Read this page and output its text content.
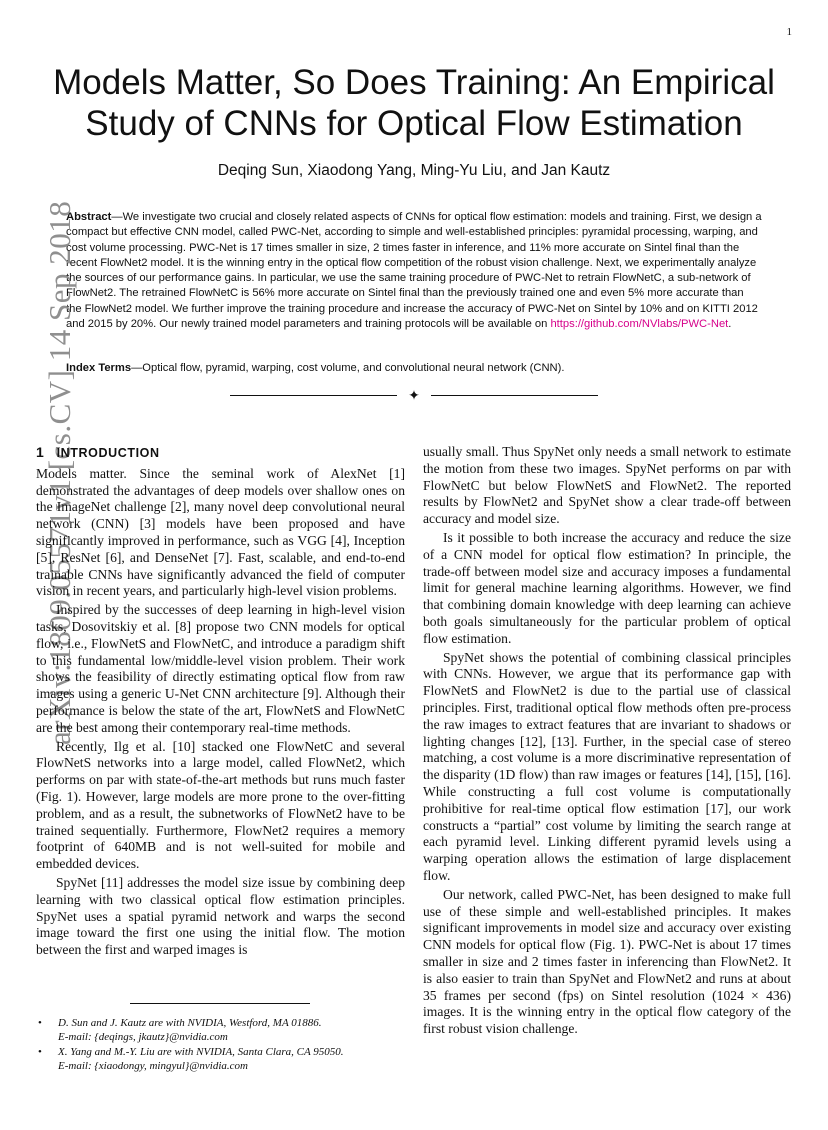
1
Models Matter, So Does Training: An Empirical Study of CNNs for Optical Flow Estimation
Deqing Sun, Xiaodong Yang, Ming-Yu Liu, and Jan Kautz
Abstract—We investigate two crucial and closely related aspects of CNNs for optical flow estimation: models and training. First, we design a compact but effective CNN model, called PWC-Net, according to simple and well-established principles: pyramidal processing, warping, and cost volume processing. PWC-Net is 17 times smaller in size, 2 times faster in inference, and 11% more accurate on Sintel final than the recent FlowNet2 model. It is the winning entry in the optical flow competition of the robust vision challenge. Next, we experimentally analyze the sources of our performance gains. In particular, we use the same training procedure of PWC-Net to retrain FlowNetC, a sub-network of FlowNet2. The retrained FlowNetC is 56% more accurate on Sintel final than the previously trained one and even 5% more accurate than the FlowNet2 model. We further improve the training procedure and increase the accuracy of PWC-Net on Sintel by 10% and on KITTI 2012 and 2015 by 20%. Our newly trained model parameters and training protocols will be available on https://github.com/NVlabs/PWC-Net.
Index Terms—Optical flow, pyramid, warping, cost volume, and convolutional neural network (CNN).
✦
arXiv:1809.05571v1 [cs.CV] 14 Sep 2018
1 INTRODUCTION

Models matter. Since the seminal work of AlexNet [1] demonstrated the advantages of deep models over shallow ones on the ImageNet challenge [2], many novel deep convolutional neural network (CNN) [3] models have been proposed and have significantly improved in performance, such as VGG [4], Inception [5], ResNet [6], and DenseNet [7]. Fast, scalable, and end-to-end trainable CNNs have significantly advanced the field of computer vision in recent years, and particularly high-level vision problems.

Inspired by the successes of deep learning in high-level vision tasks, Dosovitskiy et al. [8] propose two CNN models for optical flow, i.e., FlowNetS and FlowNetC, and introduce a paradigm shift to this fundamental low/middle-level vision problem. Their work shows the feasibility of directly estimating optical flow from raw images using a generic U-Net CNN architecture [9]. Although their performance is below the state of the art, FlowNetS and FlowNetC are the best among their contemporary real-time methods.

Recently, Ilg et al. [10] stacked one FlowNetC and several FlowNetS networks into a large model, called FlowNet2, which performs on par with state-of-the-art methods but runs much faster (Fig. 1). However, large models are more prone to the over-fitting problem, and as a result, the subnetworks of FlowNet2 have to be trained sequentially. Furthermore, FlowNet2 requires a memory footprint of 640MB and is not well-suited for mobile and embedded devices.

SpyNet [11] addresses the model size issue by combining deep learning with two classical optical flow estimation principles. SpyNet uses a spatial pyramid network and warps the second image toward the first one using the initial flow. The motion between the first and warped images is

• D. Sun and J. Kautz are with NVIDIA, Westford, MA 01886.
E-mail: {deqings, jkautz}@nvidia.com
• X. Yang and M.-Y. Liu are with NVIDIA, Santa Clara, CA 95050.
E-mail: {xiaodongy, mingyul}@nvidia.com

usually small. Thus SpyNet only needs a small network to estimate the motion from these two images. SpyNet performs on par with FlowNetC but below FlowNetS and FlowNet2. The reported results by FlowNet2 and SpyNet show a clear trade-off between accuracy and model size.

Is it possible to both increase the accuracy and reduce the size of a CNN model for optical flow estimation? In principle, the trade-off between model size and accuracy imposes a fundamental limit for general machine learning algorithms. However, we find that combining domain knowledge with deep learning can achieve both goals simultaneously for the particular problem of optical flow estimation.

SpyNet shows the potential of combining classical principles with CNNs. However, we argue that its performance gap with FlowNetS and FlowNet2 is due to the partial use of classical principles. First, traditional optical flow methods often pre-process the raw images to extract features that are invariant to shadows or lighting changes [12], [13]. Further, in the special case of stereo matching, a cost volume is a more discriminative representation of the disparity (1D flow) than raw images or features [14], [15], [16]. While constructing a full cost volume is computationally prohibitive for real-time optical flow estimation [17], our work constructs a “partial” cost volume by limiting the search range at each pyramid level. Linking different pyramid levels using a warping operation allows the estimation of large displacement flow.

Our network, called PWC-Net, has been designed to make full use of these simple and well-established principles. It makes significant improvements in model size and accuracy over existing CNN models for optical flow (Fig. 1). PWC-Net is about 17 times smaller in size and 2 times faster in inferencing than FlowNet2. It is also easier to train than SpyNet and FlowNet2 and runs at about 35 frames per second (fps) on Sintel resolution (1024 × 436) images. It is the winning entry in the optical flow category of the first robust vision challenge.
